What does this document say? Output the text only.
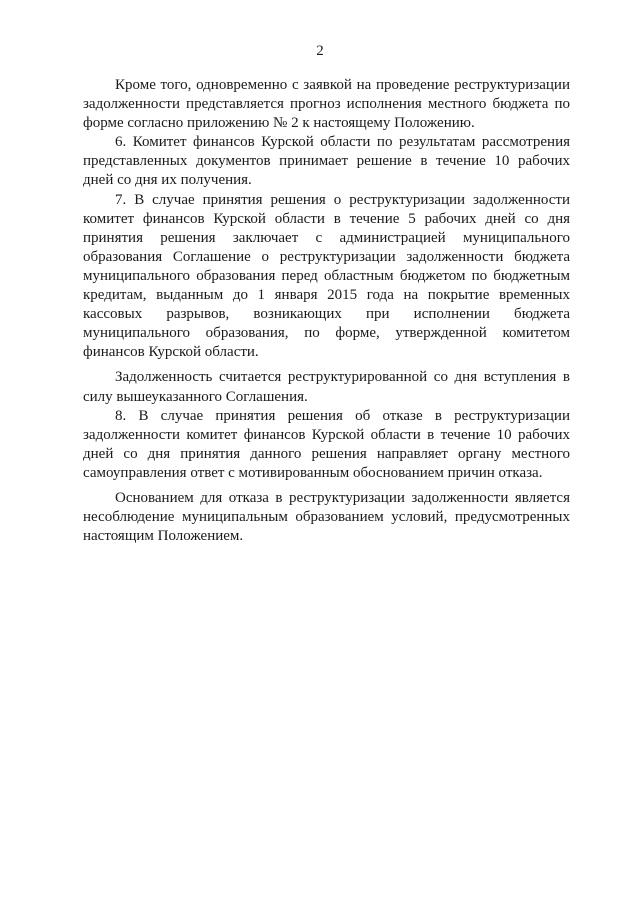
2

Кроме того, одновременно с заявкой на проведение реструктуризации задолженности представляется прогноз исполнения местного бюджета по форме согласно приложению № 2 к настоящему Положению.

6. Комитет финансов Курской области по результатам рассмотрения представленных документов принимает решение в течение 10 рабочих дней со дня их получения.

7. В случае принятия решения о реструктуризации задолженности комитет финансов Курской области в течение 5 рабочих дней со дня принятия решения заключает с администрацией муниципального образования Соглашение о реструктуризации задолженности бюджета муниципального образования перед областным бюджетом по бюджетным кредитам, выданным до 1 января 2015 года на покрытие временных кассовых разрывов, возникающих при исполнении бюджета муниципального образования, по форме, утвержденной комитетом финансов Курской области.

Задолженность считается реструктурированной со дня вступления в силу вышеуказанного Соглашения.

8. В случае принятия решения об отказе в реструктуризации задолженности комитет финансов Курской области в течение 10 рабочих дней со дня принятия данного решения направляет органу местного самоуправления ответ с мотивированным обоснованием причин отказа.

Основанием для отказа в реструктуризации задолженности является несоблюдение муниципальным образованием условий, предусмотренных настоящим Положением.
